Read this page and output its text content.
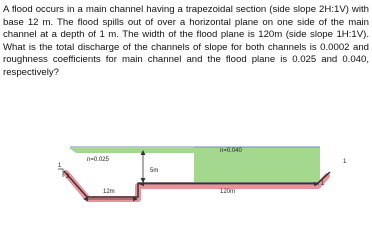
A flood occurs in a main channel having a trapezoidal section (side slope 2H:1V) with base 12 m. The flood spills out of over a horizontal plane on one side of the main channel at a depth of 1 m. The width of the flood plane is 120m (side slope 1H:1V). What is the total discharge of the channels of slope for both channels is 0.0002 and roughness coefficients for main channel and the flood plane is 0.025 and 0.040, respectively?

1
2
n=0.025
5m
n=0.040
1
1
12m	120m
